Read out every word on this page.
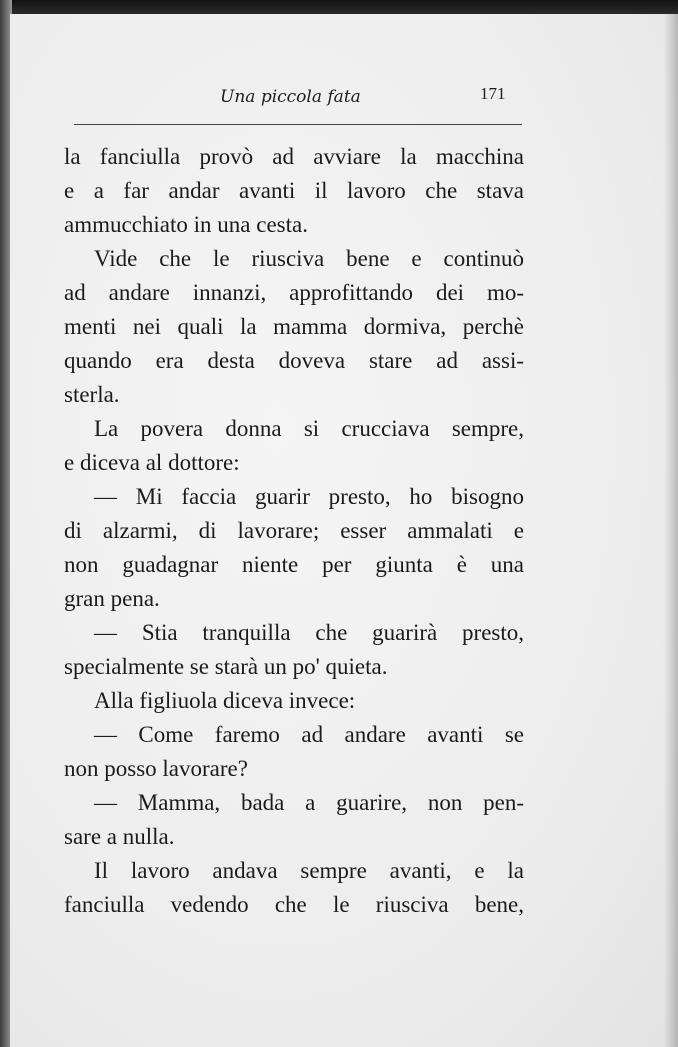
Una piccola fata	171
la fanciulla provò ad avviare la macchina
e a far andar avanti il lavoro che stava
ammucchiato in una cesta.
Vide che le riusciva bene e continuò
ad andare innanzi, approfittando dei mo-
menti nei quali la mamma dormiva, perchè
quando era desta doveva stare ad assi-
sterla.
La povera donna si crucciava sempre,
e diceva al dottore:
— Mi faccia guarir presto, ho bisogno
di alzarmi, di lavorare; esser ammalati e
non guadagnar niente per giunta è una
gran pena.
— Stia tranquilla che guarirà presto,
specialmente se starà un po' quieta.
Alla figliuola diceva invece:
— Come faremo ad andare avanti se
non posso lavorare?
— Mamma, bada a guarire, non pen-
sare a nulla.
Il lavoro andava sempre avanti, e la
fanciulla vedendo che le riusciva bene,
